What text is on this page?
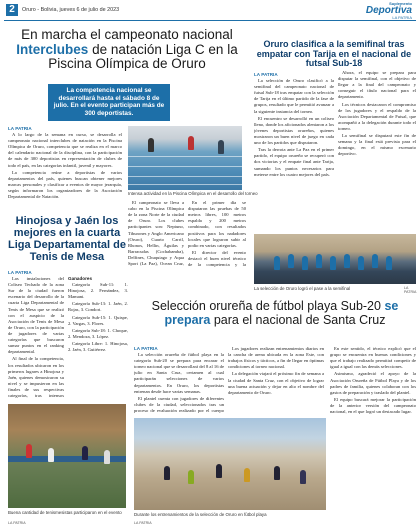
2	Oruro - Bolivia, jueves 6 de julio de 2023
Suplemento
Deportiva
LA PATRIA
En marcha el campeonato nacional Interclubes de natación Liga C en la Piscina Olímpica de Oruro
La competencia nacional se desarrollará hasta el sábado 8 de julio. En el evento participan más de 300 deportistas.
LA PATRIA

A lo largo de la semana en curso, se desarrolla el campeonato nacional interclubes de natación en la Piscina Olímpica de Oruro, competencia que se realiza en el marco del calendario nacional de la disciplina, con la participación de más de 300 deportistas en representación de clubes de todo el país, en las categorías infantil, juvenil y mayores.

La competencia reúne a deportistas de varios departamentos del país, quienes buscan obtener mejores marcas personales y clasificar a eventos de mayor jerarquía, según informaron los organizadores de la Asociación Departamental de Natación.

Intensa actividad en la Piscina Olímpica en el desarrollo del torneo

El campeonato se lleva a cabo en la Piscina Olímpica de la zona Norte de la ciudad de Oruro. Los clubes participantes son: Neptuno, Tiburones y Anglo Americano (Oruro), Cuarto Carril, Rhonos, Hellin, Águilas y Barracudas (Cochabamba), Delfines, Chuquiago y Aqua Sport (La Paz), Ocean Cruz,

En el primer día se disputaron las pruebas de 50 metros libres, 100 metros espalda y 200 metros combinado, con resultados positivos para los nadadores locales que lograron subir al podio en varias categorías.

El director del evento destacó el buen nivel técnico de la competencia y la

Hinojosa y Jaén los mejores en la cuarta Liga Departamental de Tenis de Mesa
LA PATRIA

Las instalaciones del Coliseo Techado de la zona Sur de la ciudad fueron escenario del desarrollo de la cuarta Liga Departamental de Tenis de Mesa que se realizó con el auspicio de la Asociación de Tenis de Mesa de Oruro, con la participación de jugadores de varias categorías que buscaron sumar puntos en el ranking departamental.

Al final de la competencia, los resultados ubicaron en los primeros lugares a Hinojosa y Jaén, quienes demostraron su nivel y se impusieron en las finales de sus respectivas categorías, tras intensos

Ganadores

Categoría Sub-11: 1. Hinojosa, 2. Fernández, 3. Mamani.

Categoría Sub-13: 1. Jaén, 2. Rojas, 3. Condori.

Categoría Sub-15: 1. Quispe, 2. Vargas, 3. Flores.

Categoría Sub-18: 1. Choque, 2. Mendoza, 3. López.

Categoría Libre: 1. Hinojosa, 2. Jaén, 3. Gutiérrez.

Buena cantidad de tenismesistas participaron en el evento
LA PATRIA
Oruro clasifica a la semifinal tras empatar con Tarija en el nacional de futsal Sub-18
LA PATRIA

La selección de Oruro clasificó a la semifinal del campeonato nacional de futsal Sub-18 tras empatar con la selección de Tarija en el último partido de la fase de grupos, resultado que le permitió avanzar a la siguiente instancia del torneo.

El encuentro se desarrolló en un coliseo lleno, donde los aficionados alentaron a los jóvenes deportistas orureños, quienes mostraron un buen nivel de juego en cada uno de los partidos que disputaron.

Tras la derrota ante La Paz en el primer partido, el equipo orureño se recuperó con dos victorias y el empate final ante Tarija, sumando los puntos necesarios para meterse entre los cuatro mejores del país.

Ahora, el equipo se prepara para disputar la semifinal, con el objetivo de llegar a la final del campeonato y conseguir el título nacional para el departamento.

Los técnicos destacaron el compromiso de los jugadores y el respaldo de la Asociación Departamental de Futsal, que acompañó a la delegación durante todo el torneo.

La semifinal se disputará este fin de semana y la final está prevista para el domingo, en el mismo escenario deportivo.

La selección de Oruro logró el pase a la semifinal	LA PATRIA
Selección orureña de fútbol playa Sub-20 se prepara para el nacional de Santa Cruz
LA PATRIA

La selección orureña de fútbol playa en la categoría Sub-20 se prepara para encarar el torneo nacional que se desarrollará del 8 al 16 de julio en Santa Cruz, certamen al cual participarán selecciones de varios departamentos. En Oruro, los deportistas entrenan desde hace varias semanas.

El plantel cuenta con jugadores de diferentes clubes de la ciudad, seleccionados tras un proceso de evaluación realizado por el cuerpo

Los jugadores realizan entrenamientos diarios en la cancha de arena ubicada en la zona Este, con trabajos físicos y tácticos, a fin de llegar en óptimas condiciones al torneo nacional.

La delegación viajará el próximo fin de semana a la ciudad de Santa Cruz, con el objetivo de lograr una buena actuación y dejar en alto el nombre del departamento de Oruro.

En este sentido, el técnico explicó que el grupo se encuentra en buenas condiciones y que el trabajo realizado permitirá competir de igual a igual con las demás selecciones.

Asimismo, agradeció el apoyo de la Asociación Orureña de Fútbol Playa y de los padres de familia, quienes colaboran con los gastos de preparación y traslado del plantel.

El equipo buscará mejorar la participación de la anterior versión del campeonato nacional, en el que logró un destacado lugar.

Durante los entrenamientos de la selección de Oruro en fútbol playa
LA PATRIA
